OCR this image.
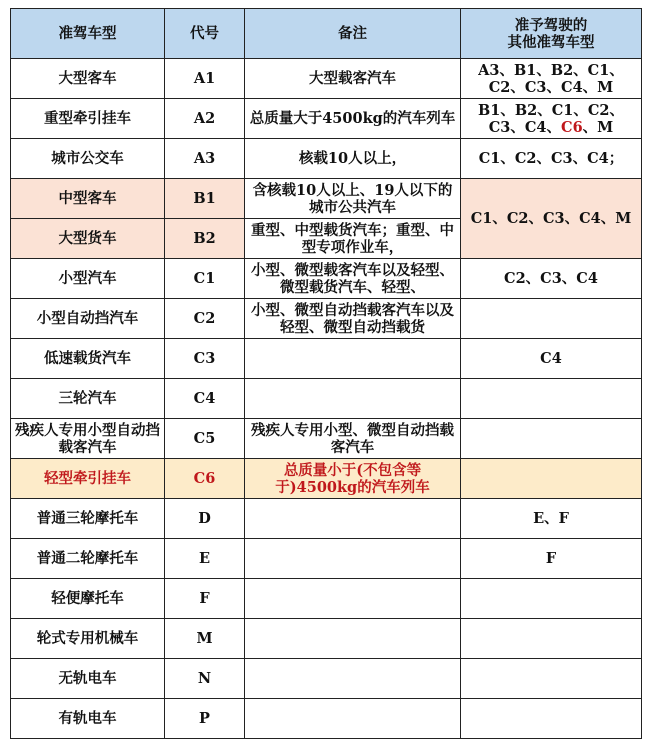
准驾车型	代号	备注	准予驾驶的
其他准驾车型

大型客车	A1	大型载客汽车	A3、B1、B2、C1、C2、C3、C4、M

重型牵引挂车	A2	总质量大于4500kg的汽车列车	B1、B2、C1、C2、C3、C4、C6、M

城市公交车	A3	核载10人以上，	C1、C2、C3、C4；

中型客车	B1	含核载10人以上、19人以下的城市公共汽车	C1、C2、C3、C4、M

大型货车	B2	重型、中型载货汽车；重型、中型专项作业车，	

小型汽车	C1	小型、微型载客汽车以及轻型、微型载货汽车、轻型、	C2、C3、C4

小型自动挡汽车	C2	小型、微型自动挡载客汽车以及轻型、微型自动挡载货	

低速载货汽车	C3		C4

三轮汽车	C4		

残疾人专用小型自动挡载客汽车	C5	残疾人专用小型、微型自动挡载客汽车	

轻型牵引挂车	C6	总质量小于(不包含等于)4500kg的汽车列车	

普通三轮摩托车	D		E、F

普通二轮摩托车	E		F

轻便摩托车	F		

轮式专用机械车	M		

无轨电车	N		

有轨电车	P		
